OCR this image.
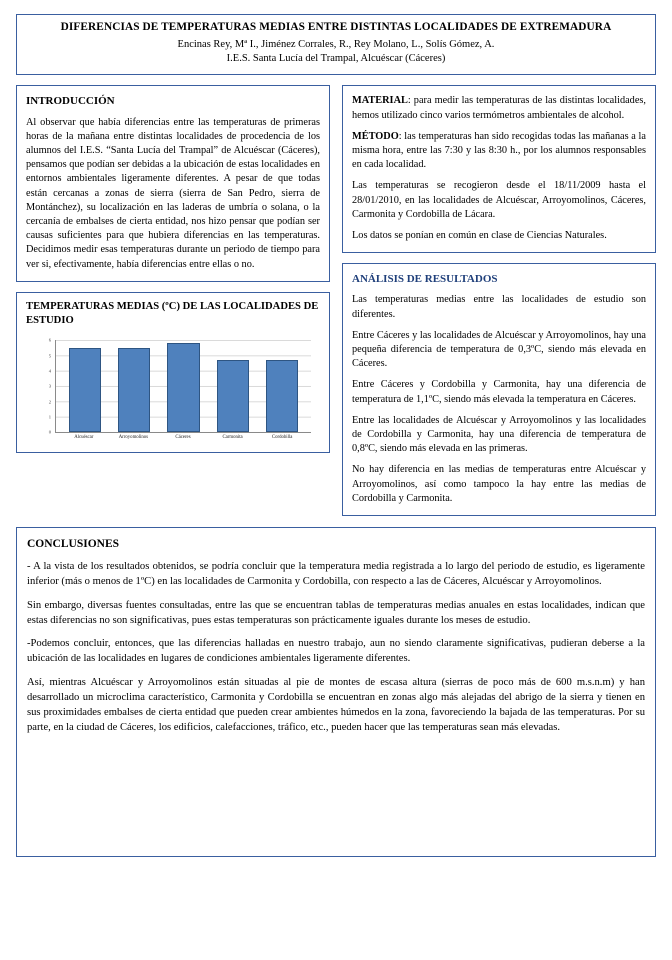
DIFERENCIAS DE TEMPERATURAS MEDIAS ENTRE DISTINTAS LOCALIDADES DE EXTREMADURA
Encinas Rey, Mª I., Jiménez Corrales, R., Rey Molano, L., Solís Gómez, A.
I.E.S. Santa Lucía del Trampal, Alcuéscar (Cáceres)
INTRODUCCIÓN

Al observar que había diferencias entre las temperaturas de primeras horas de la mañana entre distintas localidades de procedencia de los alumnos del I.E.S. “Santa Lucía del Trampal” de Alcuéscar (Cáceres), pensamos que podían ser debidas a la ubicación de estas localidades en entornos ambientales ligeramente diferentes. A pesar de que todas están cercanas a zonas de sierra (sierra de San Pedro, sierra de Montánchez), su localización en las laderas de umbría o solana, o la cercanía de embalses de cierta entidad, nos hizo pensar que podían ser causas suficientes para que hubiera diferencias en las temperaturas. Decidimos medir esas temperaturas durante un periodo de tiempo para ver si, efectivamente, había diferencias entre ellas o no.

TEMPERATURAS MEDIAS (ºC) DE LAS LOCALIDADES DE ESTUDIO
6
5
4
3
2
1
0
Alcuéscar	Arroyomolinos	Cáceres	Carmonita	Cordobilla

MATERIAL: para medir las temperaturas de las distintas localidades, hemos utilizado cinco varios termómetros ambientales de alcohol.

MÉTODO: las temperaturas han sido recogidas todas las mañanas a la misma hora, entre las 7:30 y las 8:30 h., por los alumnos responsables en cada localidad.

Las temperaturas se recogieron desde el 18/11/2009 hasta el 28/01/2010, en las localidades de Alcuéscar, Arroyomolinos, Cáceres, Carmonita y Cordobilla de Lácara.

Los datos se ponían en común en clase de Ciencias Naturales.

ANÁLISIS DE RESULTADOS

Las temperaturas medias entre las localidades de estudio son diferentes.

Entre Cáceres y las localidades de Alcuéscar y Arroyomolinos, hay una pequeña diferencia de temperatura de 0,3ºC, siendo más elevada en Cáceres.

Entre Cáceres y Cordobilla y Carmonita, hay una diferencia de temperatura de 1,1ºC, siendo más elevada la temperatura en Cáceres.

Entre las localidades de Alcuéscar y Arroyomolinos y las localidades de Cordobilla y Carmonita, hay una diferencia de temperatura de 0,8ºC, siendo más elevada en las primeras.

No hay diferencia en las medias de temperaturas entre Alcuéscar y Arroyomolinos, así como tampoco la hay entre las medias de Cordobilla y Carmonita.

CONCLUSIONES

- A la vista de los resultados obtenidos, se podría concluir que la temperatura media registrada a lo largo del periodo de estudio, es ligeramente inferior (más o menos de 1ºC) en las localidades de Carmonita y Cordobilla, con respecto a las de Cáceres, Alcuéscar y Arroyomolinos.

Sin embargo, diversas fuentes consultadas, entre las que se encuentran tablas de temperaturas medias anuales en estas localidades, indican que estas diferencias no son significativas, pues estas temperaturas son prácticamente iguales durante los meses de estudio.

-Podemos concluir, entonces, que las diferencias halladas en nuestro trabajo, aun no siendo claramente significativas, pudieran deberse a la ubicación de las localidades en lugares de condiciones ambientales ligeramente diferentes.

Así, mientras Alcuéscar y Arroyomolinos están situadas al pie de montes de escasa altura (sierras de poco más de 600 m.s.n.m) y han desarrollado un microclima característico, Carmonita y Cordobilla se encuentran en zonas algo más alejadas del abrigo de la sierra y tienen en sus proximidades embalses de cierta entidad que pueden crear ambientes húmedos en la zona, favoreciendo la bajada de las temperaturas. Por su parte, en la ciudad de Cáceres, los edificios, calefacciones, tráfico, etc., pueden hacer que las temperaturas sean más elevadas.
